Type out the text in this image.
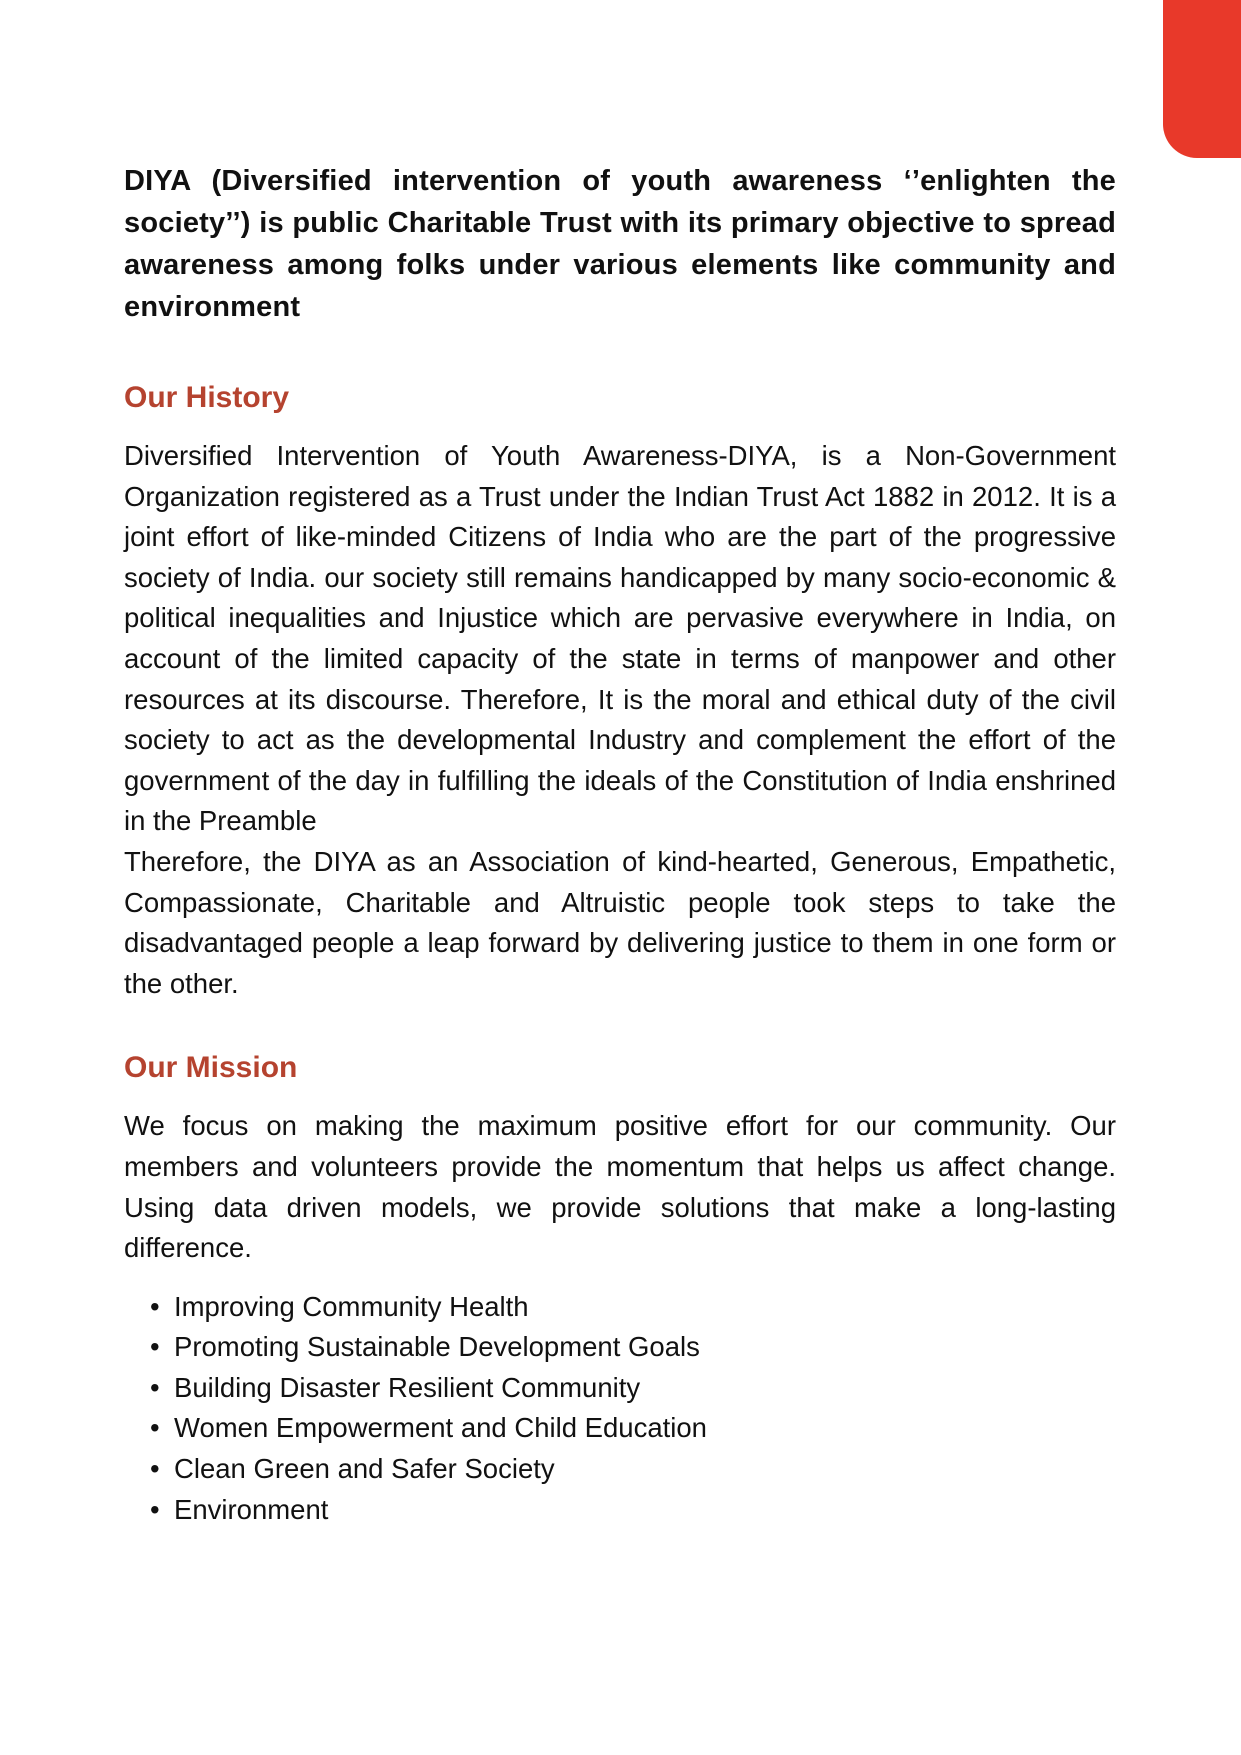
DIYA (Diversified intervention of youth awareness ‘’enlighten the society’’) is public Charitable Trust with its primary objective to spread awareness among folks under various elements like community and environment

Our History

Diversified Intervention of Youth Awareness-DIYA, is a Non-Government Organization registered as a Trust under the Indian Trust Act 1882 in 2012. It is a joint effort of like-minded Citizens of India who are the part of the progressive society of India. our society still remains handicapped by many socio-economic & political inequalities and Injustice which are pervasive everywhere in India, on account of the limited capacity of the state in terms of manpower and other resources at its discourse. Therefore, It is the moral and ethical duty of the civil society to act as the developmental Industry and complement the effort of the government of the day in fulfilling the ideals of the Constitution of India enshrined in the Preamble

Therefore, the DIYA as an Association of kind-hearted, Generous, Empathetic, Compassionate, Charitable and Altruistic people took steps to take the disadvantaged people a leap forward by delivering justice to them in one form or the other.

Our Mission

We focus on making the maximum positive effort for our community. Our members and volunteers provide the momentum that helps us affect change. Using data driven models, we provide solutions that make a long-lasting difference.

• Improving Community Health
• Promoting Sustainable Development Goals
• Building Disaster Resilient Community
• Women Empowerment and Child Education
• Clean Green and Safer Society
• Environment
